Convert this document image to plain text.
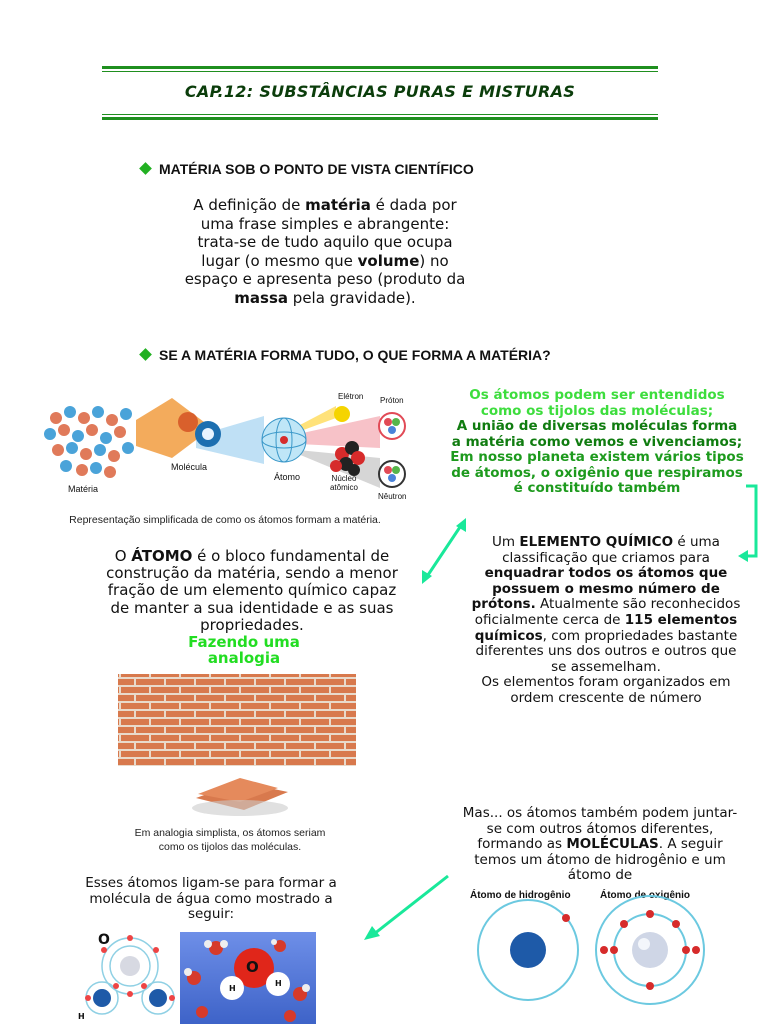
CAP.12: SUBSTÂNCIAS PURAS E MISTURAS
MATÉRIA SOB O PONTO DE VISTA CIENTÍFICO
A definição de matéria é dada por uma frase simples e abrangente: trata-se de tudo aquilo que ocupa lugar (o mesmo que volume) no espaço e apresenta peso (produto da massa pela gravidade).
SE A MATÉRIA FORMA TUDO, O QUE FORMA A MATÉRIA?
Matéria
Molécula
Átomo	Núcleo atômico
Elétron Próton
Nêutron
Representação simplificada de como os átomos formam a matéria.
Os átomos podem ser entendidos como os tijolos das moléculas;
A união de diversas moléculas forma a matéria como vemos e vivenciamos;
Em nosso planeta existem vários tipos de átomos, o oxigênio que respiramos é constituído também
O ÁTOMO é o bloco fundamental de construção da matéria, sendo a menor fração de um elemento químico capaz de manter a sua identidade e as suas propriedades.
Fazendo uma analogia
Um ELEMENTO QUÍMICO é uma classificação que criamos para enquadrar todos os átomos que possuem o mesmo número de prótons. Atualmente são reconhecidos oficialmente cerca de 115 elementos químicos, com propriedades bastante diferentes uns dos outros e outros que se assemelham.
Os elementos foram organizados em ordem crescente de número
Em analogia simplista, os átomos seriam como os tijolos das moléculas.
Mas... os átomos também podem juntar-se com outros átomos diferentes, formando as MOLÉCULAS. A seguir temos um átomo de hidrogênio e um átomo de
Esses átomos ligam-se para formar a molécula de água como mostrado a seguir:
O
H
O
H
H
Átomo de hidrogênio	Átomo de oxigênio
